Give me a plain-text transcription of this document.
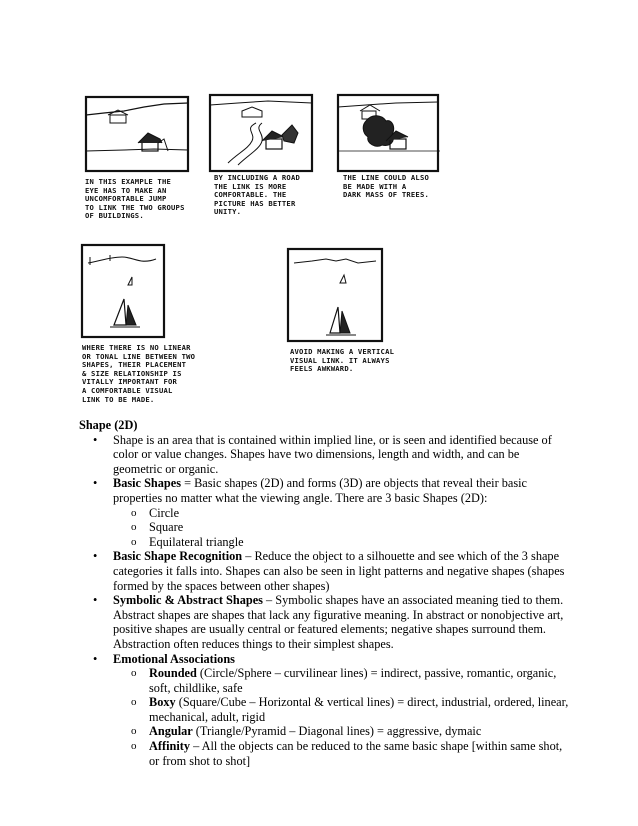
IN THIS EXAMPLE THE
EYE HAS TO MAKE AN
UNCOMFORTABLE JUMP
TO LINK THE TWO GROUPS
OF BUILDINGS.
BY INCLUDING A ROAD
THE LINK IS MORE
COMFORTABLE. THE
PICTURE HAS BETTER
UNITY.
THE LINE COULD ALSO
BE MADE WITH A
DARK MASS OF TREES.
WHERE THERE IS NO LINEAR
OR TONAL LINE BETWEEN TWO
SHAPES, THEIR PLACEMENT
& SIZE RELATIONSHIP IS
VITALLY IMPORTANT FOR
A COMFORTABLE VISUAL
LINK TO BE MADE.
AVOID MAKING A VERTICAL
VISUAL LINK. IT ALWAYS
FEELS AWKWARD.
Shape (2D)
• Shape is an area that is contained within implied line, or is seen and identified because of color or value changes. Shapes have two dimensions, length and width, and can be geometric or organic.
• Basic Shapes = Basic shapes (2D) and forms (3D) are objects that reveal their basic properties no matter what the viewing angle. There are 3 basic Shapes (2D):
o Circle
o Square
o Equilateral triangle
• Basic Shape Recognition – Reduce the object to a silhouette and see which of the 3 shape categories it falls into. Shapes can also be seen in light patterns and negative shapes (shapes formed by the spaces between other shapes)
• Symbolic & Abstract Shapes – Symbolic shapes have an associated meaning tied to them. Abstract shapes are shapes that lack any figurative meaning. In abstract or nonobjective art, positive shapes are usually central or featured elements; negative shapes surround them. Abstraction often reduces things to their simplest shapes.
• Emotional Associations
o Rounded (Circle/Sphere – curvilinear lines) = indirect, passive, romantic, organic, soft, childlike, safe
o Boxy (Square/Cube – Horizontal & vertical lines) = direct, industrial, ordered, linear, mechanical, adult, rigid
o Angular (Triangle/Pyramid – Diagonal lines) = aggressive, dymaic
o Affinity – All the objects can be reduced to the same basic shape [within same shot, or from shot to shot]
